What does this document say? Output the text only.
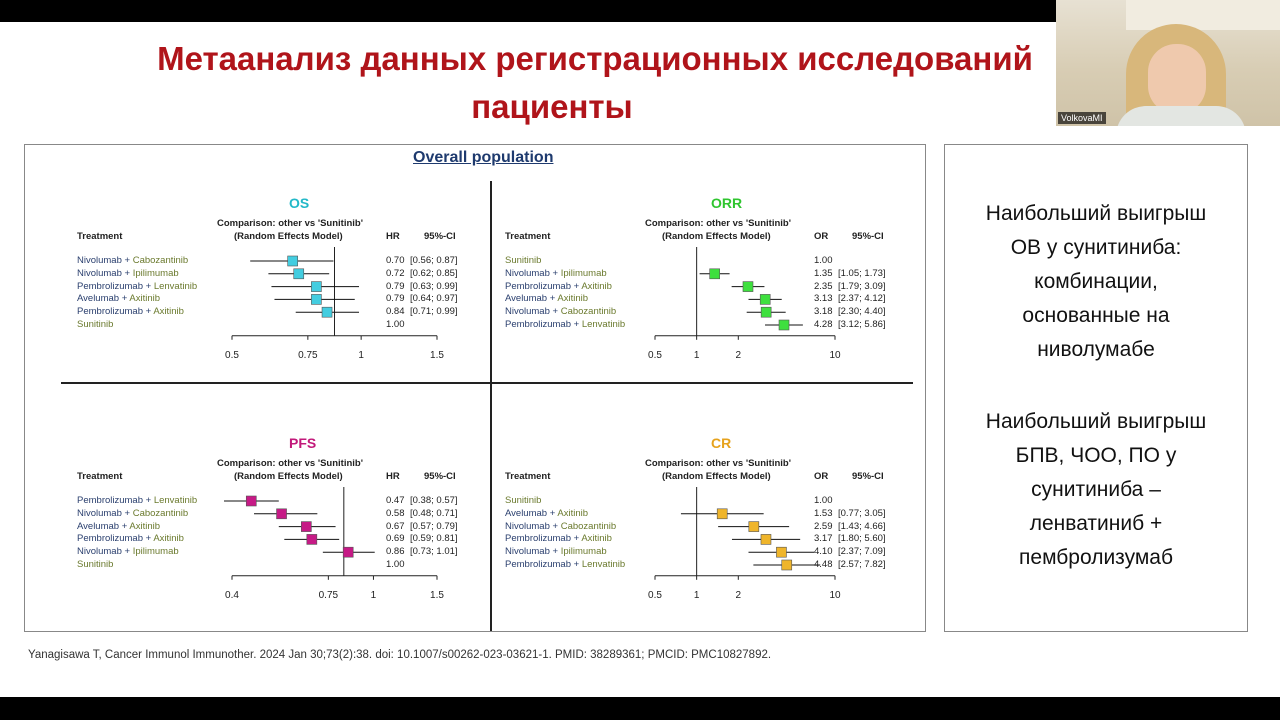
Метаанализ данных регистрационных исследований
пациенты
Overall population
OS
Comparison: other vs 'Sunitinib'
(Random Effects Model)
Treatment	HR	95%-CI
Nivolumab + Cabozantinib	0.70 [0.56; 0.87]
Nivolumab + Ipilimumab	0.72 [0.62; 0.85]
Pembrolizumab + Lenvatinib	0.79 [0.63; 0.99]
Avelumab + Axitinib	0.79 [0.64; 0.97]
Pembrolizumab + Axitinib	0.84 [0.71; 0.99]
Sunitinib	1.00
0.5	0.75	1	1.5
ORR
Comparison: other vs 'Sunitinib'
(Random Effects Model)
Treatment	OR	95%-CI
Sunitinib	1.00
Nivolumab + Ipilimumab	1.35 [1.05; 1.73]
Pembrolizumab + Axitinib	2.35 [1.79; 3.09]
Avelumab + Axitinib	3.13 [2.37; 4.12]
Nivolumab + Cabozantinib	3.18 [2.30; 4.40]
Pembrolizumab + Lenvatinib	4.28 [3.12; 5.86]
0.5	1	2	10
PFS
Comparison: other vs 'Sunitinib'
(Random Effects Model)
Treatment	HR	95%-CI
Pembrolizumab + Lenvatinib	0.47 [0.38; 0.57]
Nivolumab + Cabozantinib	0.58 [0.48; 0.71]
Avelumab + Axitinib	0.67 [0.57; 0.79]
Pembrolizumab + Axitinib	0.69 [0.59; 0.81]
Nivolumab + Ipilimumab	0.86 [0.73; 1.01]
Sunitinib	1.00
0.4	0.75	1	1.5
CR
Comparison: other vs 'Sunitinib'
(Random Effects Model)
Treatment	OR	95%-CI
Sunitinib	1.00
Avelumab + Axitinib	1.53 [0.77; 3.05]
Nivolumab + Cabozantinib	2.59 [1.43; 4.66]
Pembrolizumab + Axitinib	3.17 [1.80; 5.60]
Nivolumab + Ipilimumab	4.10 [2.37; 7.09]
Pembrolizumab + Lenvatinib	4.48 [2.57; 7.82]
0.5	1	2	10
Наибольший выигрыш
ОВ у сунитиниба:
комбинации,
основанные на
ниволумабе
Наибольший выигрыш
БПВ, ЧОО, ПО у
сунитиниба –
ленватиниб +
пембролизумаб
Yanagisawa T, Cancer Immunol Immunother. 2024 Jan 30;73(2):38. doi: 10.1007/s00262-023-03621-1. PMID: 38289361; PMCID: PMC10827892.
VolkovaMI
